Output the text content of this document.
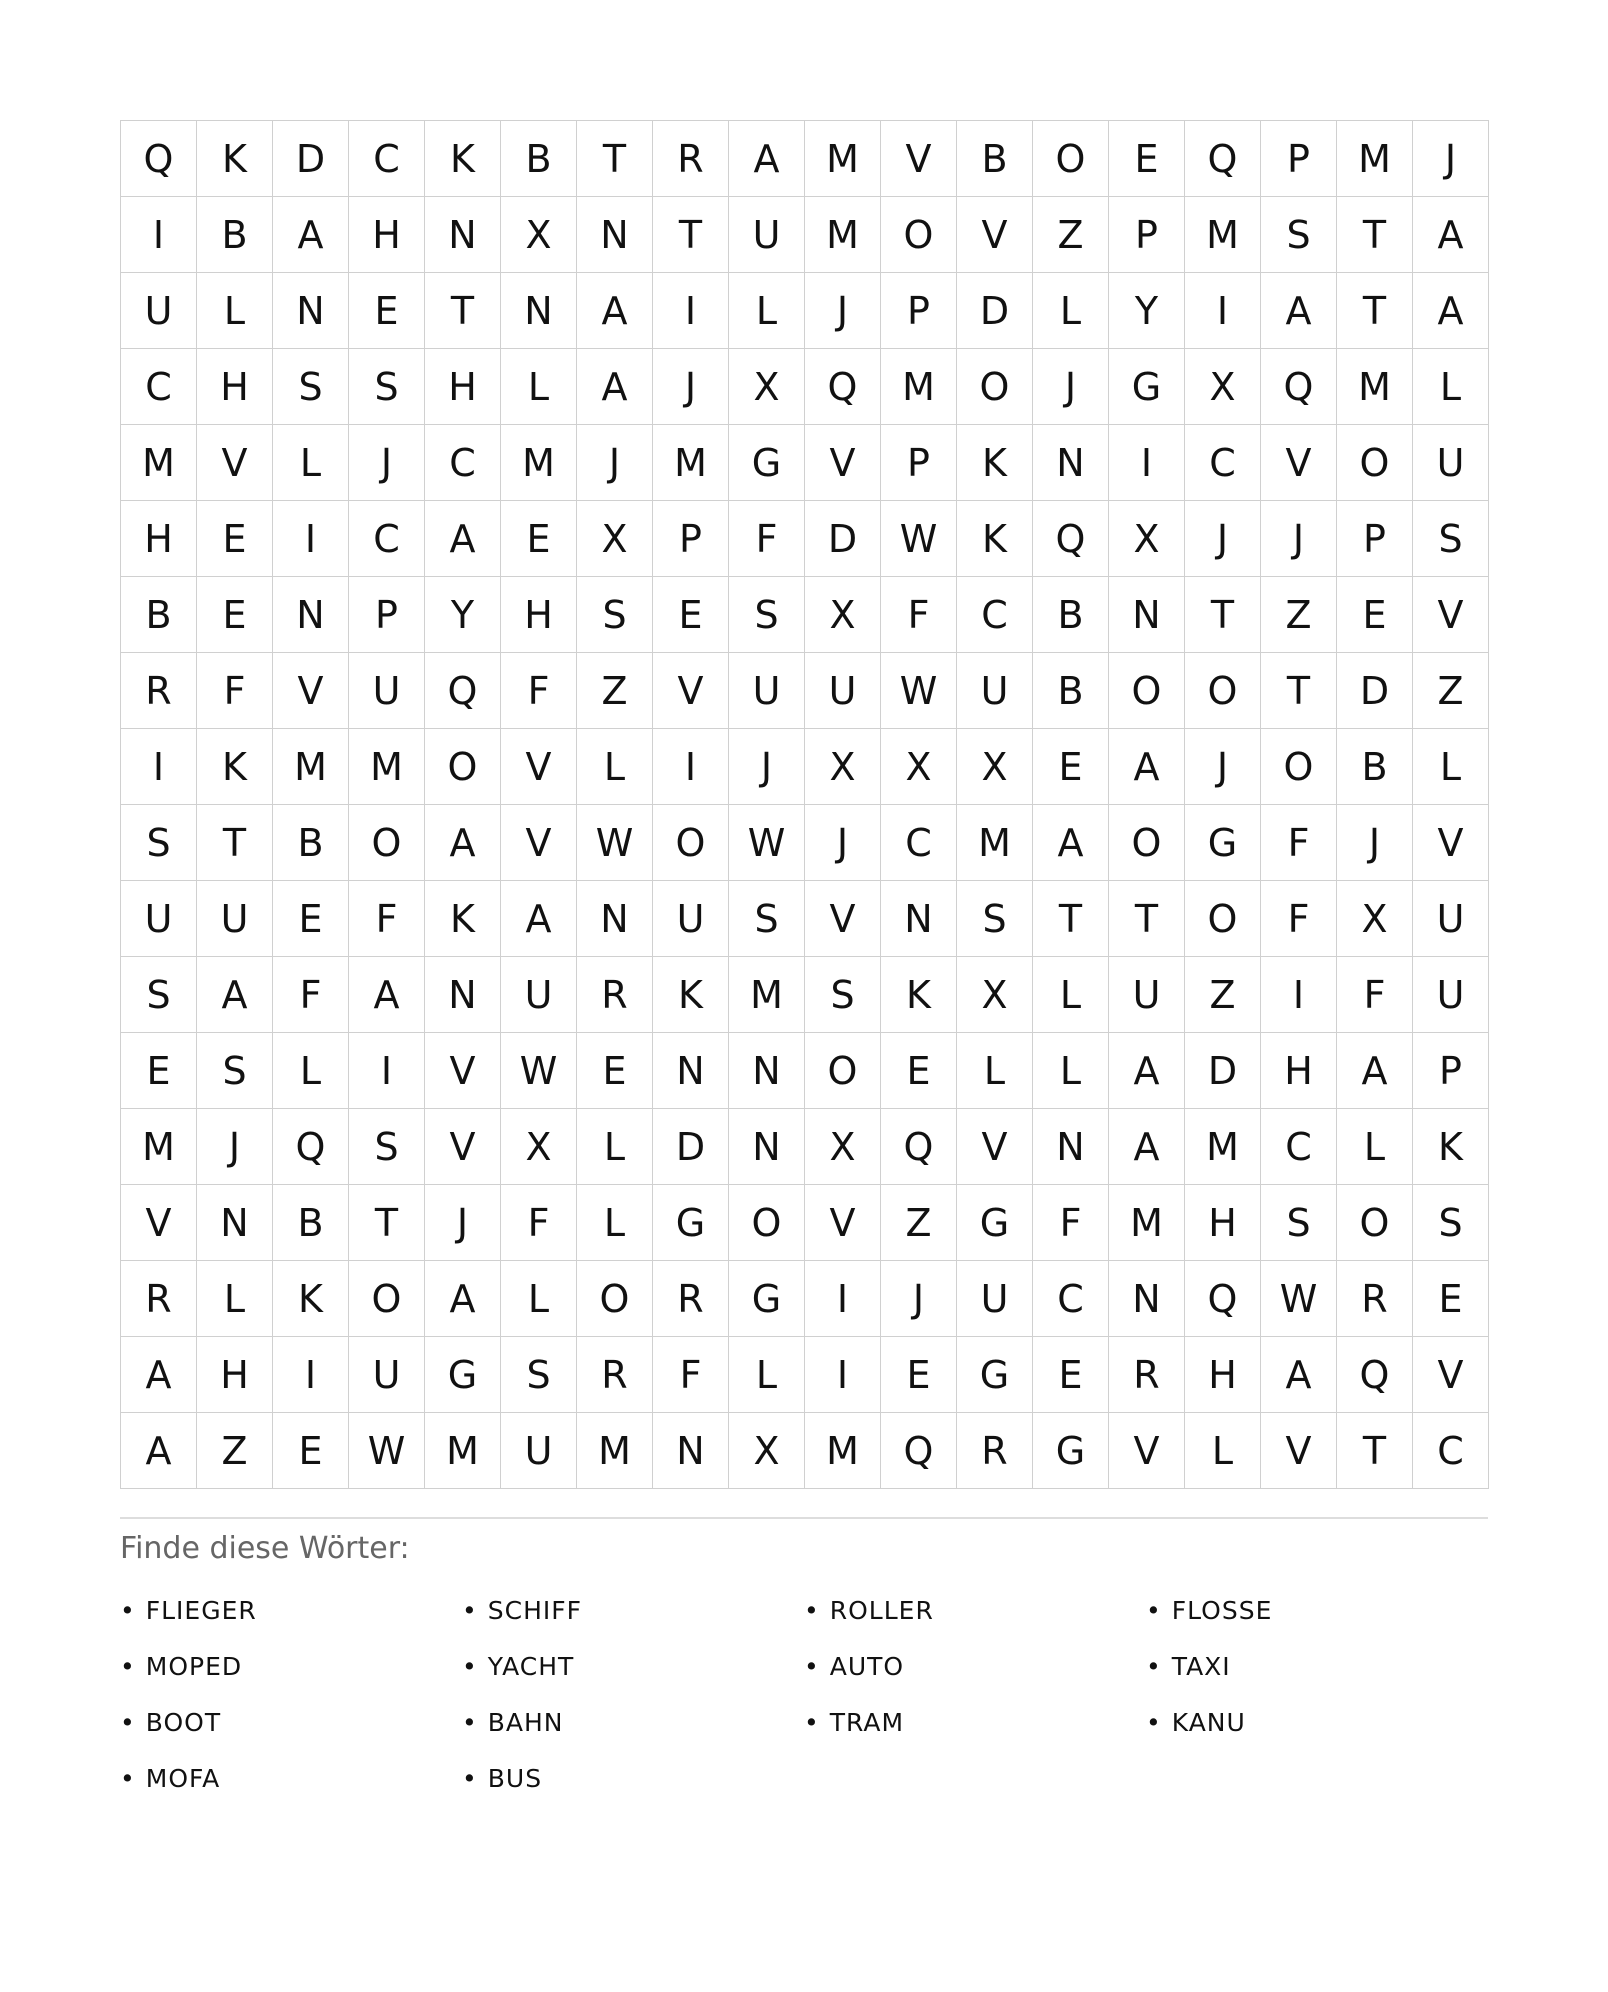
Q	K	D	C	K	B	T	R	A	M	V	B	O	E	Q	P	M	J
I	B	A	H	N	X	N	T	U	M	O	V	Z	P	M	S	T	A
U	L	N	E	T	N	A	I	L	J	P	D	L	Y	I	A	T	A
C	H	S	S	H	L	A	J	X	Q	M	O	J	G	X	Q	M	L
M	V	L	J	C	M	J	M	G	V	P	K	N	I	C	V	O	U
H	E	I	C	A	E	X	P	F	D	W	K	Q	X	J	J	P	S
B	E	N	P	Y	H	S	E	S	X	F	C	B	N	T	Z	E	V
R	F	V	U	Q	F	Z	V	U	U	W	U	B	O	O	T	D	Z
I	K	M	M	O	V	L	I	J	X	X	X	E	A	J	O	B	L
S	T	B	O	A	V	W	O	W	J	C	M	A	O	G	F	J	V
U	U	E	F	K	A	N	U	S	V	N	S	T	T	O	F	X	U
S	A	F	A	N	U	R	K	M	S	K	X	L	U	Z	I	F	U
E	S	L	I	V	W	E	N	N	O	E	L	L	A	D	H	A	P
M	J	Q	S	V	X	L	D	N	X	Q	V	N	A	M	C	L	K
V	N	B	T	J	F	L	G	O	V	Z	G	F	M	H	S	O	S
R	L	K	O	A	L	O	R	G	I	J	U	C	N	Q	W	R	E
A	H	I	U	G	S	R	F	L	I	E	G	E	R	H	A	Q	V
A	Z	E	W	M	U	M	N	X	M	Q	R	G	V	L	V	T	C
Finde diese Wörter:
• FLIEGER	• SCHIFF	• ROLLER	• FLOSSE
• MOPED	• YACHT	• AUTO	• TAXI
• BOOT	• BAHN	• TRAM	• KANU
• MOFA	• BUS
